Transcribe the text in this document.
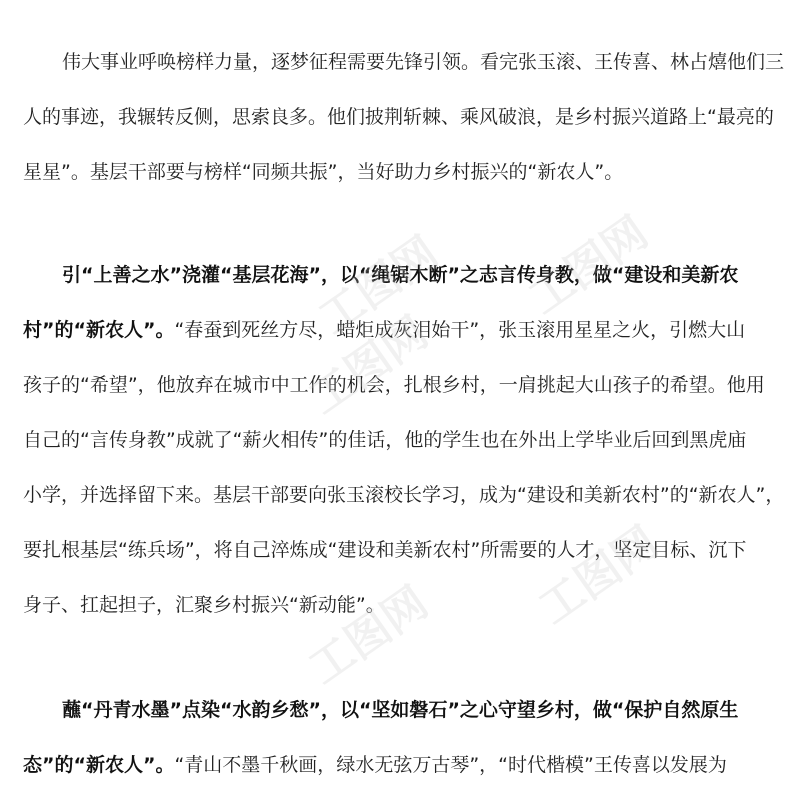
伟大事业呼唤榜样力量，逐梦征程需要先锋引领。看完张玉滚、王传喜、林占熺他们三
人的事迹，我辗转反侧，思索良多。他们披荆斩棘、乘风破浪，是乡村振兴道路上“最亮的
星星”。基层干部要与榜样“同频共振”，当好助力乡村振兴的“新农人”。
引“上善之水”浇灌“基层花海”，以“绳锯木断”之志言传身教，做“建设和美新农
村”的“新农人”。“春蚕到死丝方尽，蜡炬成灰泪始干”，张玉滚用星星之火，引燃大山
孩子的“希望”，他放弃在城市中工作的机会，扎根乡村，一肩挑起大山孩子的希望。他用
自己的“言传身教”成就了“薪火相传”的佳话，他的学生也在外出上学毕业后回到黑虎庙
小学，并选择留下来。基层干部要向张玉滚校长学习，成为“建设和美新农村”的“新农人”，
要扎根基层“练兵场”，将自己淬炼成“建设和美新农村”所需要的人才，坚定目标、沉下
身子、扛起担子，汇聚乡村振兴“新动能”。
蘸“丹青水墨”点染“水韵乡愁”，以“坚如磐石”之心守望乡村，做“保护自然原生
态”的“新农人”。“青山不墨千秋画，绿水无弦万古琴”，“时代楷模”王传喜以发展为
工图网 工图网
工图网
工图网
工图网
